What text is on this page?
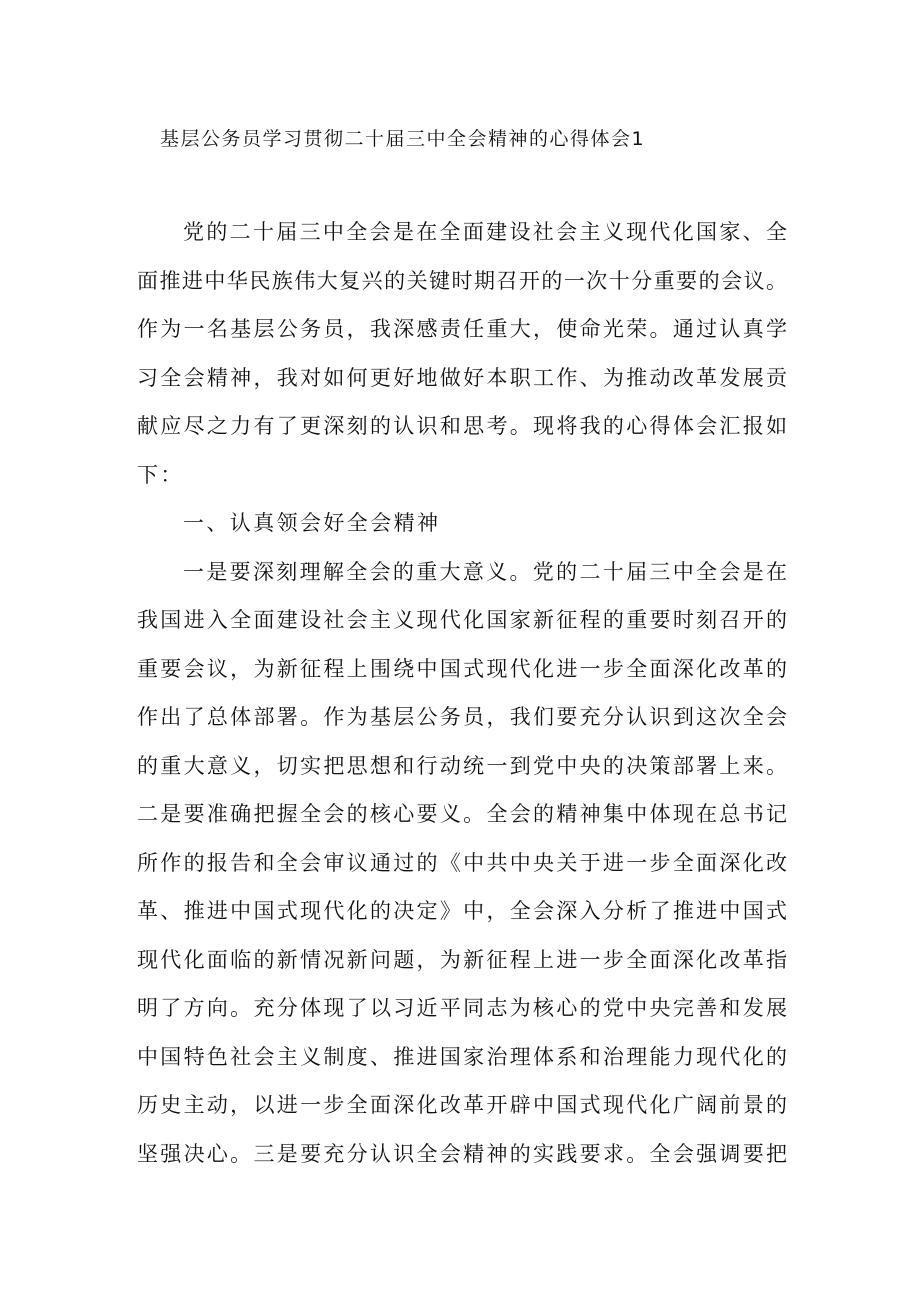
基层公务员学习贯彻二十届三中全会精神的心得体会1
党的二十届三中全会是在全面建设社会主义现代化国家、全
面推进中华民族伟大复兴的关键时期召开的一次十分重要的会议。
作为一名基层公务员，我深感责任重大，使命光荣。通过认真学
习全会精神，我对如何更好地做好本职工作、为推动改革发展贡
献应尽之力有了更深刻的认识和思考。现将我的心得体会汇报如
下：
一、认真领会好全会精神
一是要深刻理解全会的重大意义。党的二十届三中全会是在
我国进入全面建设社会主义现代化国家新征程的重要时刻召开的
重要会议，为新征程上围绕中国式现代化进一步全面深化改革的
作出了总体部署。作为基层公务员，我们要充分认识到这次全会
的重大意义，切实把思想和行动统一到党中央的决策部署上来。
二是要准确把握全会的核心要义。全会的精神集中体现在总书记
所作的报告和全会审议通过的《中共中央关于进一步全面深化改
革、推进中国式现代化的决定》中，全会深入分析了推进中国式
现代化面临的新情况新问题，为新征程上进一步全面深化改革指
明了方向。充分体现了以习近平同志为核心的党中央完善和发展
中国特色社会主义制度、推进国家治理体系和治理能力现代化的
历史主动，以进一步全面深化改革开辟中国式现代化广阔前景的
坚强决心。三是要充分认识全会精神的实践要求。全会强调要把
